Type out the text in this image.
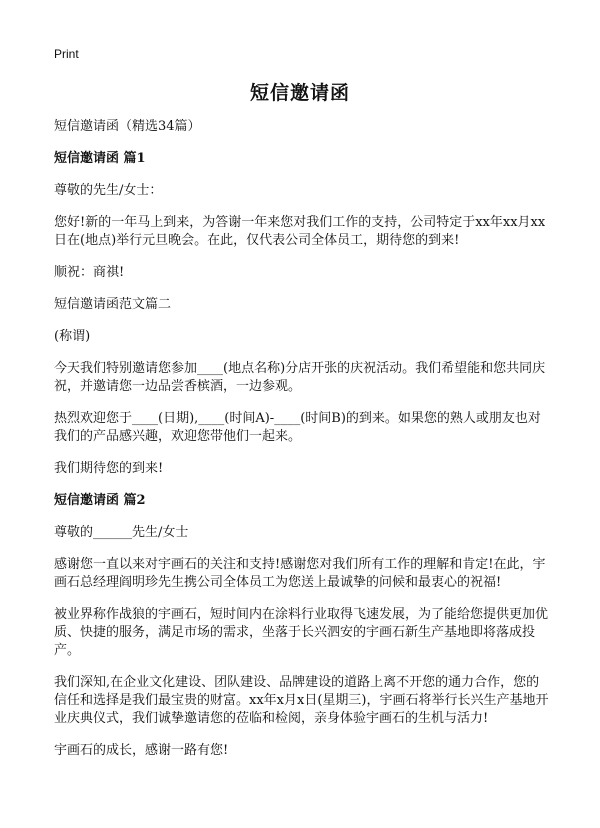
Print
短信邀请函

短信邀请函（精选34篇）

短信邀请函 篇1

尊敬的先生/女士：

您好!新的一年马上到来，为答谢一年来您对我们工作的支持，公司特定于xx年xx月xx日在(地点)举行元旦晚会。在此，仅代表公司全体员工，期待您的到来!

顺祝：商祺!

短信邀请函范文篇二

(称谓)

今天我们特别邀请您参加____(地点名称)分店开张的庆祝活动。我们希望能和您共同庆祝，并邀请您一边品尝香槟酒，一边参观。

热烈欢迎您于____(日期),____(时间A)-____(时间B)的到来。如果您的熟人或朋友也对我们的产品感兴趣，欢迎您带他们一起来。

我们期待您的到来!

短信邀请函 篇2

尊敬的______先生/女士

感谢您一直以来对宇画石的关注和支持!感谢您对我们所有工作的理解和肯定!在此，宇画石总经理阎明珍先生携公司全体员工为您送上最诚挚的问候和最衷心的祝福!

被业界称作战狼的宇画石，短时间内在涂料行业取得飞速发展，为了能给您提供更加优质、快捷的服务，满足市场的需求，坐落于长兴泗安的宇画石新生产基地即将落成投产。

我们深知,在企业文化建设、团队建设、品牌建设的道路上离不开您的通力合作，您的信任和选择是我们最宝贵的财富。xx年x月x日(星期三)，宇画石将举行长兴生产基地开业庆典仪式，我们诚挚邀请您的莅临和检阅，亲身体验宇画石的生机与活力!

宇画石的成长，感谢一路有您!
